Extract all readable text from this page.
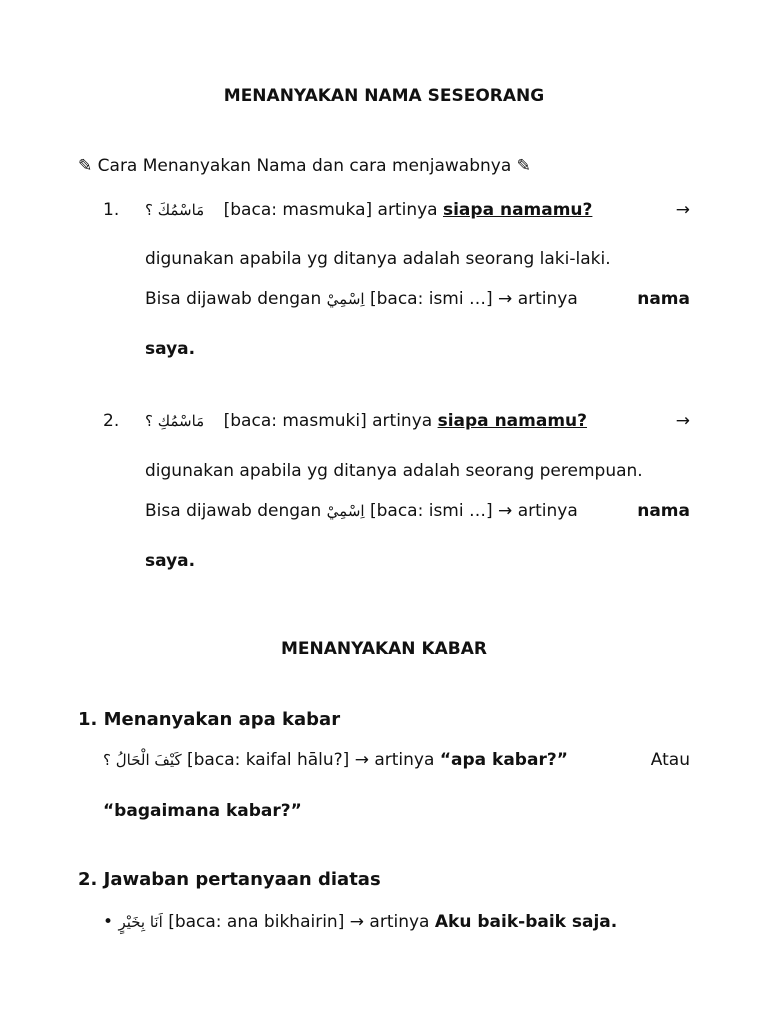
MENANYAKAN NAMA SESEORANG
✎ Cara Menanyakan Nama dan cara menjawabnya ✎
1. مَاسْمُكَ ؟ [baca: masmuka] artinya siapa namamu?	→
digunakan apabila yg ditanya adalah seorang laki-laki.
Bisa dijawab dengan اِسْمِيْ [baca: ismi …] → artinya	nama
saya.
2. مَاسْمُكِ ؟ [baca: masmuki] artinya siapa namamu?	→
digunakan apabila yg ditanya adalah seorang perempuan.
Bisa dijawab dengan اِسْمِيْ [baca: ismi …] → artinya	nama
saya.
MENANYAKAN KABAR
1. Menanyakan apa kabar
كَيْفَ الْحَالُ ؟ [baca: kaifal hālu?] → artinya “apa kabar?”	Atau
“bagaimana kabar?”
2. Jawaban pertanyaan diatas
• اَنَا بِخَيْرٍ [baca: ana bikhairin] → artinya Aku baik-baik saja.
